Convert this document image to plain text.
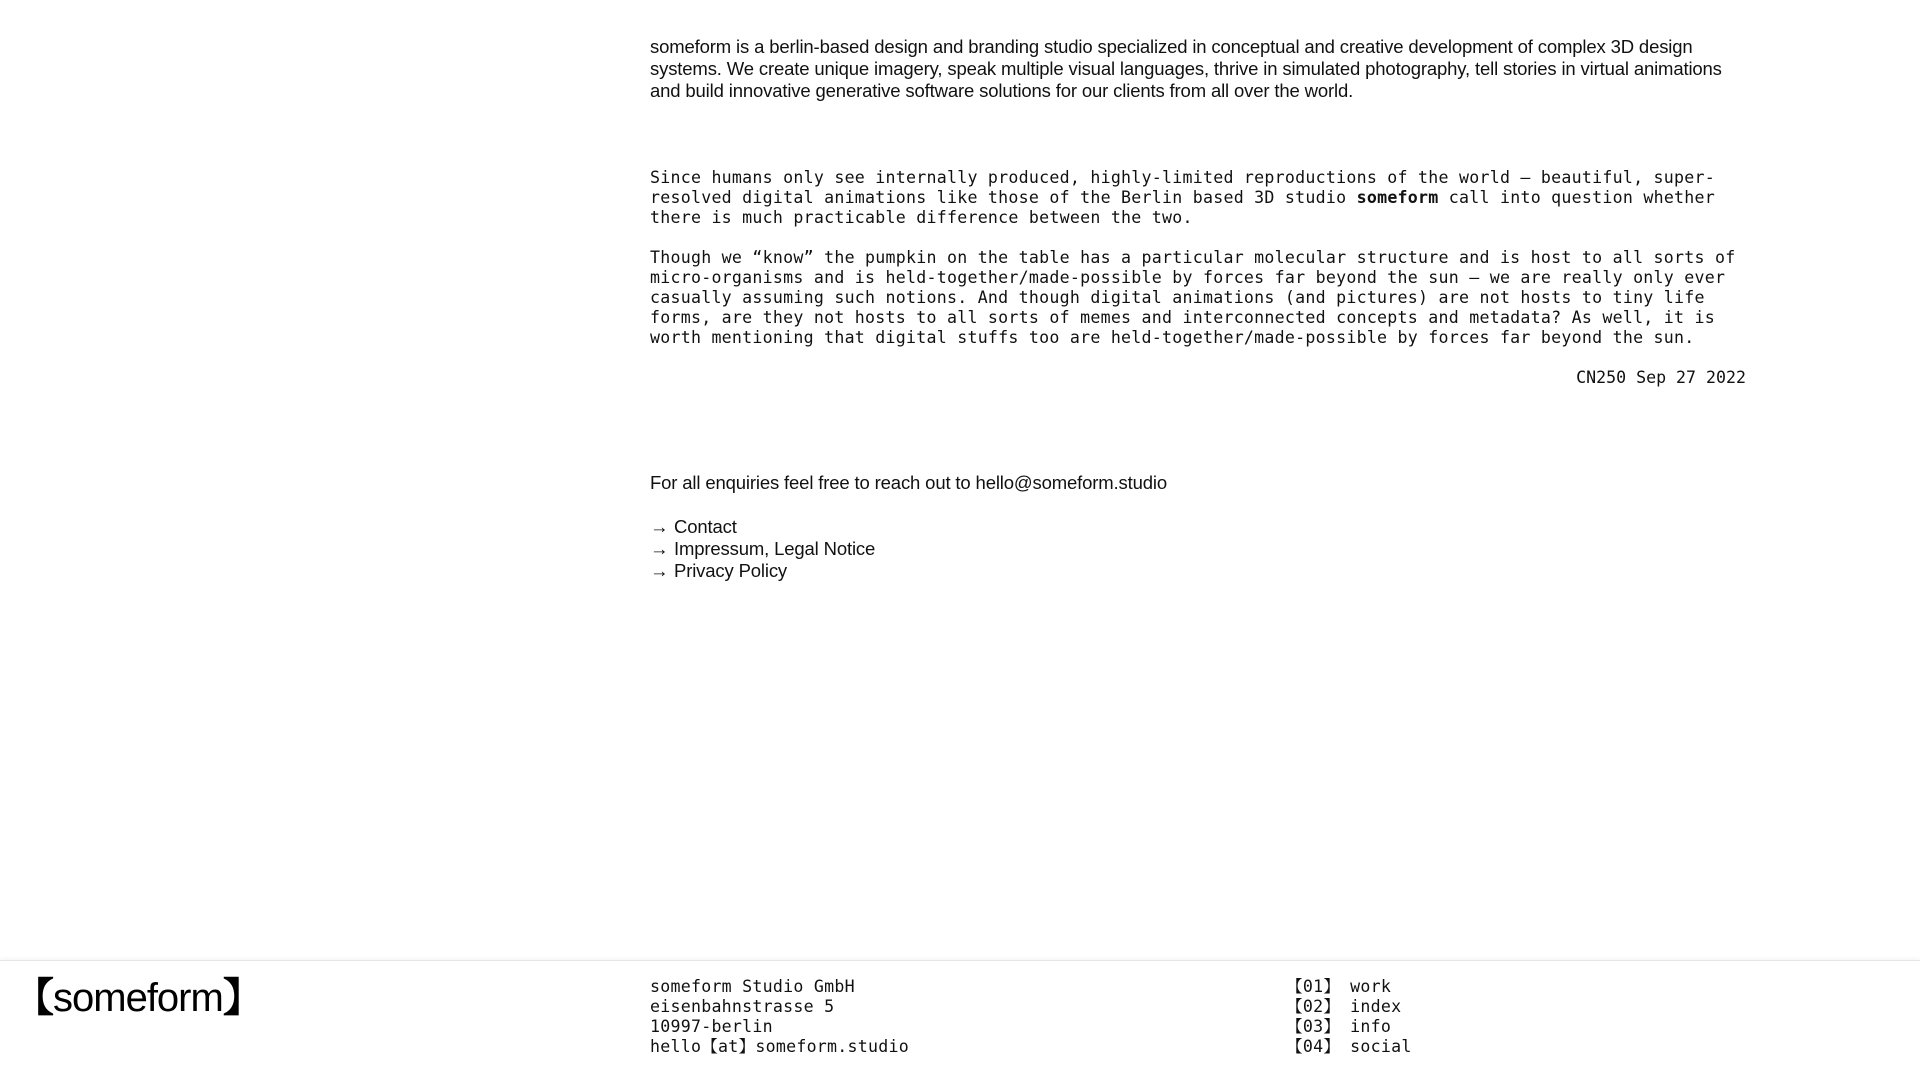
someform is a berlin-based design and branding studio specialized in conceptual and creative development of complex 3D design systems. We create unique imagery, speak multiple visual languages, thrive in simulated photography, tell stories in virtual animations and build innovative generative software solutions for our clients from all over the world.

Since humans only see internally produced, highly-limited reproductions of the world — beautiful, super-resolved digital animations like those of the Berlin based 3D studio someform call into question whether there is much practicable difference between the two.

Though we “know” the pumpkin on the table has a particular molecular structure and is host to all sorts of micro-organisms and is held-together/made-possible by forces far beyond the sun — we are really only ever casually assuming such notions. And though digital animations (and pictures) are not hosts to tiny life forms, are they not hosts to all sorts of memes and interconnected concepts and metadata? As well, it is worth mentioning that digital stuffs too are held-together/made-possible by forces far beyond the sun.

CN250 Sep 27 2022
For all enquiries feel free to reach out to hello@someform.studio
→ Contact
→ Impressum, Legal Notice
→ Privacy Policy
【someform】	someform Studio GmbH
eisenbahnstrasse 5
10997-berlin
hello【at】someform.studio
【01】 work
【02】 index
【03】 info
【04】 social
